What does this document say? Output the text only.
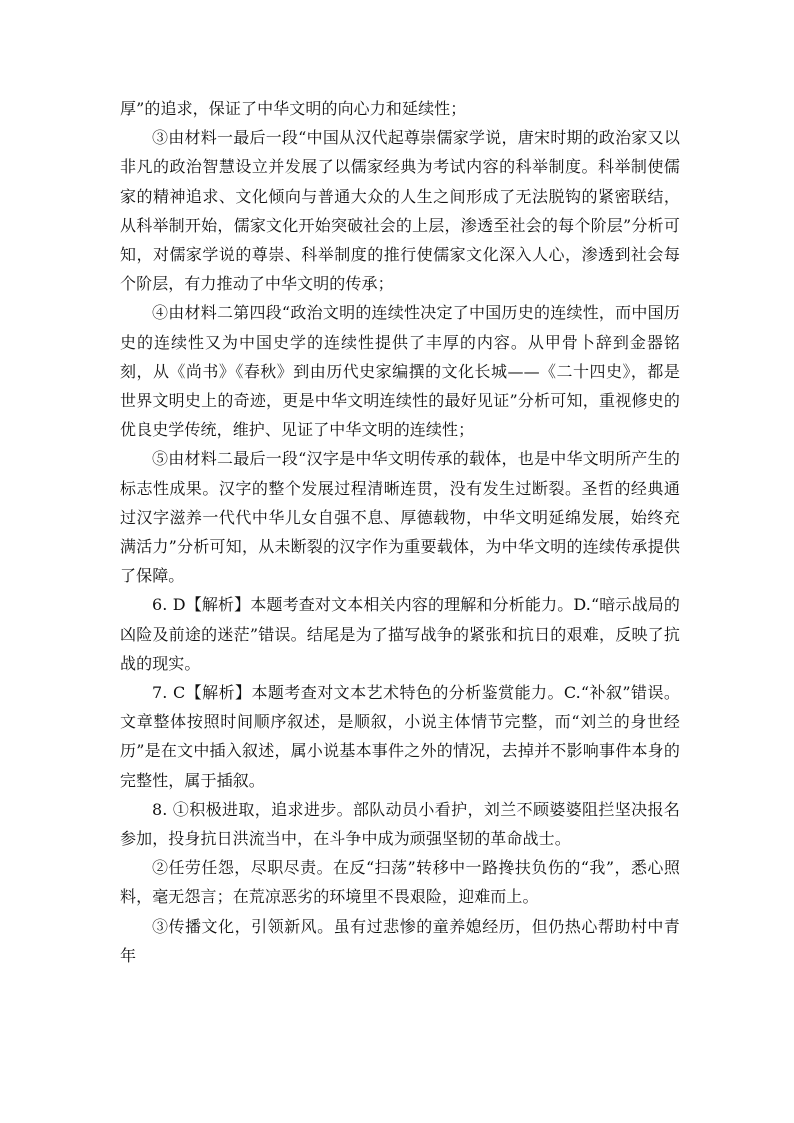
厚”的追求，保证了中华文明的向心力和延续性；

③由材料一最后一段“中国从汉代起尊崇儒家学说，唐宋时期的政治家又以非凡的政治智慧设立并发展了以儒家经典为考试内容的科举制度。科举制使儒家的精神追求、文化倾向与普通大众的人生之间形成了无法脱钩的紧密联结，从科举制开始，儒家文化开始突破社会的上层，渗透至社会的每个阶层”分析可知，对儒家学说的尊崇、科举制度的推行使儒家文化深入人心，渗透到社会每个阶层，有力推动了中华文明的传承；

④由材料二第四段“政治文明的连续性决定了中国历史的连续性，而中国历史的连续性又为中国史学的连续性提供了丰厚的内容。从甲骨卜辞到金器铭刻，从《尚书》《春秋》到由历代史家编撰的文化长城——《二十四史》，都是世界文明史上的奇迹，更是中华文明连续性的最好见证”分析可知，重视修史的优良史学传统，维护、见证了中华文明的连续性；

⑤由材料二最后一段“汉字是中华文明传承的载体，也是中华文明所产生的标志性成果。汉字的整个发展过程清晰连贯，没有发生过断裂。圣哲的经典通过汉字滋养一代代中华儿女自强不息、厚德载物，中华文明延绵发展，始终充满活力”分析可知，从未断裂的汉字作为重要载体，为中华文明的连续传承提供了保障。

6. D【解析】本题考查对文本相关内容的理解和分析能力。D.“暗示战局的凶险及前途的迷茫”错误。结尾是为了描写战争的紧张和抗日的艰难，反映了抗战的现实。

7. C【解析】本题考查对文本艺术特色的分析鉴赏能力。C.“补叙”错误。文章整体按照时间顺序叙述，是顺叙，小说主体情节完整，而“刘兰的身世经历”是在文中插入叙述，属小说基本事件之外的情况，去掉并不影响事件本身的完整性，属于插叙。

8. ①积极进取，追求进步。部队动员小看护，刘兰不顾婆婆阻拦坚决报名参加，投身抗日洪流当中，在斗争中成为顽强坚韧的革命战士。

②任劳任怨，尽职尽责。在反“扫荡”转移中一路搀扶负伤的“我”，悉心照料，毫无怨言；在荒凉恶劣的环境里不畏艰险，迎难而上。

③传播文化，引领新风。虽有过悲惨的童养媳经历，但仍热心帮助村中青年
